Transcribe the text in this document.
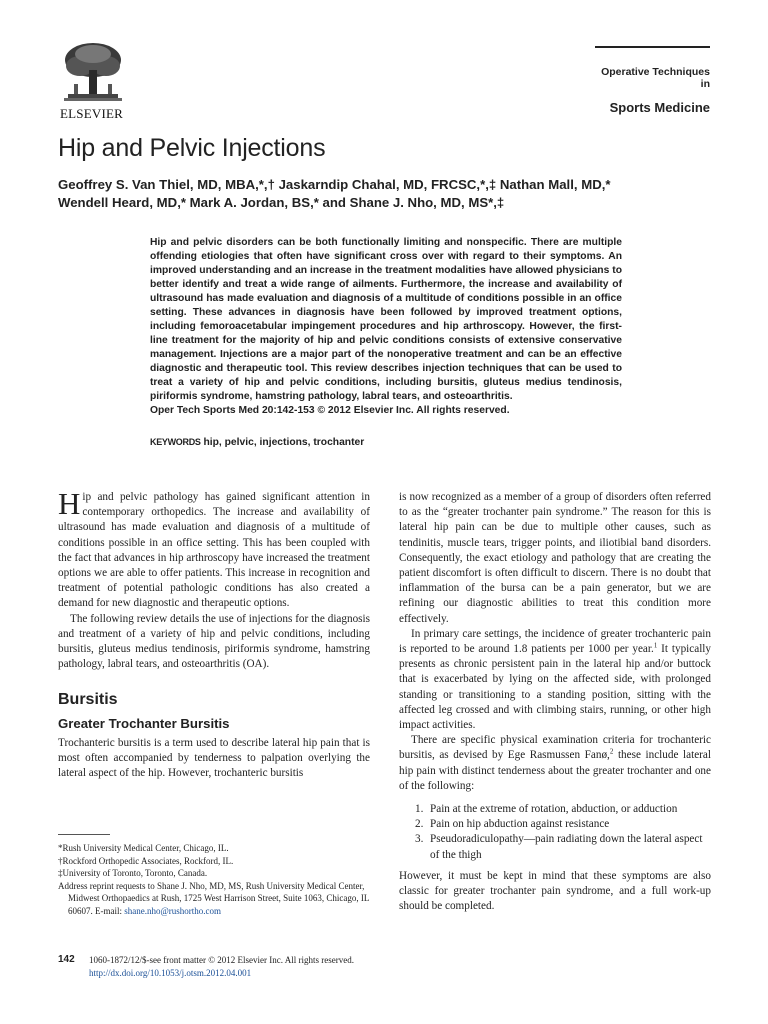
ELSEVIER
Operative Techniques in
Sports Medicine
Hip and Pelvic Injections

Geoffrey S. Van Thiel, MD, MBA,*,† Jaskarndip Chahal, MD, FRCSC,*,‡ Nathan Mall, MD,*

Wendell Heard, MD,* Mark A. Jordan, BS,* and Shane J. Nho, MD, MS*,‡

Hip and pelvic disorders can be both functionally limiting and nonspecific. There are multiple offending etiologies that often have significant cross over with regard to their symptoms. An improved understanding and an increase in the treatment modalities have allowed physicians to better identify and treat a wide range of ailments. Furthermore, the increase and availability of ultrasound has made evaluation and diagnosis of a multitude of conditions possible in an office setting. These advances in diagnosis have been followed by improved treatment options, including femoroacetabular impingement procedures and hip arthroscopy. However, the first-line treatment for the majority of hip and pelvic conditions consists of extensive conservative management. Injections are a major part of the nonoperative treatment and can be an effective diagnostic and therapeutic tool. This review describes injection techniques that can be used to treat a variety of hip and pelvic conditions, including bursitis, gluteus medius tendinosis, piriformis syndrome, hamstring pathology, labral tears, and osteoarthritis.

Oper Tech Sports Med 20:142-153 © 2012 Elsevier Inc. All rights reserved.

KEYWORDS hip, pelvic, injections, trochanter

Hip and pelvic pathology has gained significant attention in contemporary orthopedics. The increase and availability of ultrasound has made evaluation and diagnosis of a multitude of conditions possible in an office setting. This has been coupled with the fact that advances in hip arthroscopy have increased the treatment options we are able to offer patients. This increase in recognition and treatment of potential pathologic conditions has also created a demand for new diagnostic and therapeutic options.

The following review details the use of injections for the diagnosis and treatment of a variety of hip and pelvic conditions, including bursitis, gluteus medius tendinosis, piriformis syndrome, hamstring pathology, labral tears, and osteoarthritis (OA).

Bursitis
Greater Trochanter Bursitis

Trochanteric bursitis is a term used to describe lateral hip pain that is most often accompanied by tenderness to palpation overlying the lateral aspect of the hip. However, trochanteric bursitis

is now recognized as a member of a group of disorders often referred to as the “greater trochanter pain syndrome.” The reason for this is lateral hip pain can be due to multiple other causes, such as tendinitis, muscle tears, trigger points, and iliotibial band disorders. Consequently, the exact etiology and pathology that are creating the patient discomfort is often difficult to discern. There is no doubt that inflammation of the bursa can be a pain generator, but we are refining our diagnostic abilities to treat this condition more effectively.

In primary care settings, the incidence of greater trochanteric pain is reported to be around 1.8 patients per 1000 per year.$^1$ It typically presents as chronic persistent pain in the lateral hip and/or buttock that is exacerbated by lying on the affected side, with prolonged standing or transitioning to a standing position, sitting with the affected leg crossed and with climbing stairs, running, or other high impact activities.

There are specific physical examination criteria for trochanteric bursitis, as devised by Ege Rasmussen Fanø,$^2$ these include lateral hip pain with distinct tenderness about the greater trochanter and one of the following:

1. Pain at the extreme of rotation, abduction, or adduction
2. Pain on hip abduction against resistance
3. Pseudoradiculopathy—pain radiating down the lateral aspect of the thigh

However, it must be kept in mind that these symptoms are also classic for greater trochanter pain syndrome, and a full work-up should be completed.

*Rush University Medical Center, Chicago, IL.

†Rockford Orthopedic Associates, Rockford, IL.

‡University of Toronto, Toronto, Canada.

Address reprint requests to Shane J. Nho, MD, MS, Rush University Medical Center, Midwest Orthopaedics at Rush, 1725 West Harrison Street, Suite 1063, Chicago, IL 60607. E-mail: shane.nho@rushortho.com

142 1060-1872/12/$-see front matter © 2012 Elsevier Inc. All rights reserved.
http://dx.doi.org/10.1053/j.otsm.2012.04.001
